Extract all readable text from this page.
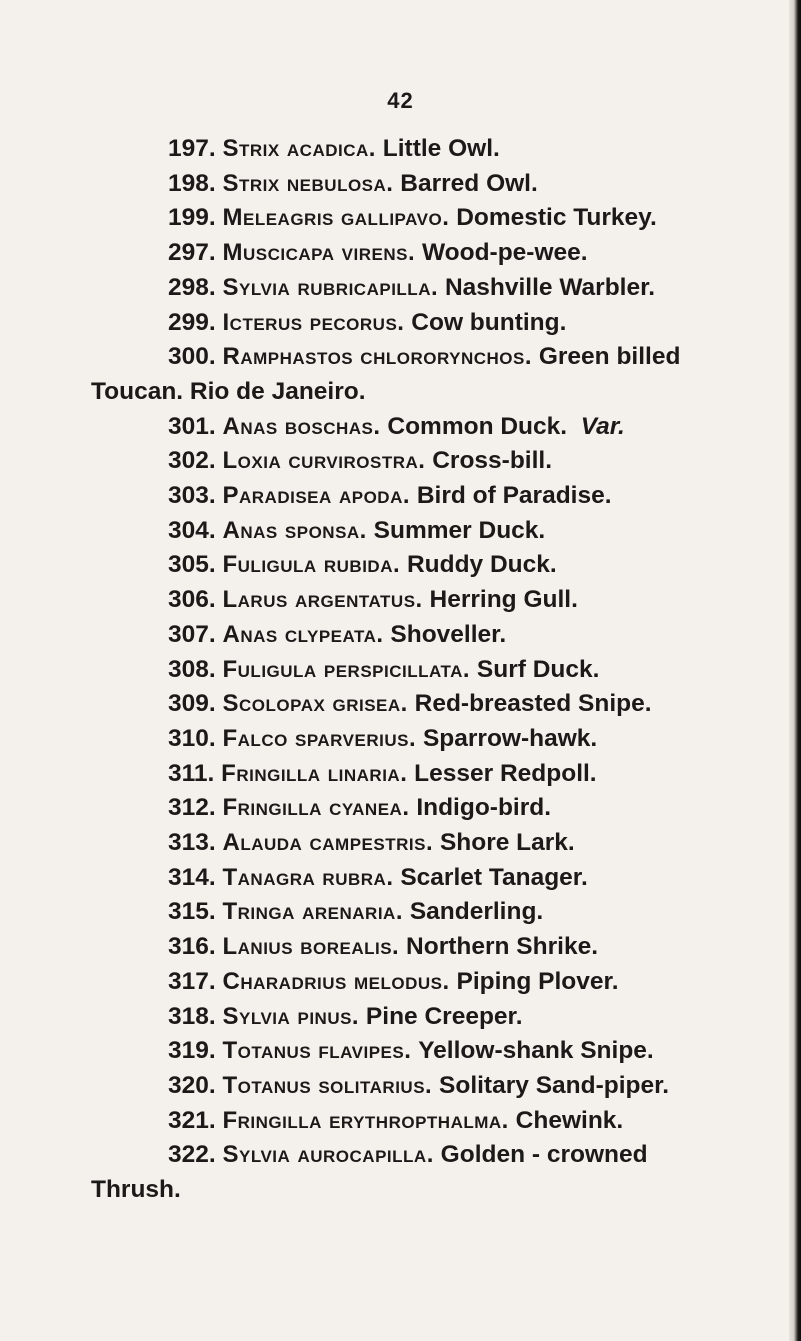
42
197. Strix acadica. Little Owl.
198. Strix nebulosa. Barred Owl.
199. Meleagris gallipavo. Domestic Turkey.
297. Muscicapa virens. Wood-pe-wee.
298. Sylvia rubricapilla. Nashville Warbler.
299. Icterus pecorus. Cow bunting.
300. Ramphastos chlororynchos. Green billed
Toucan. Rio de Janeiro.
301. Anas boschas. Common Duck. Var.
302. Loxia curvirostra. Cross-bill.
303. Paradisea apoda. Bird of Paradise.
304. Anas sponsa. Summer Duck.
305. Fuligula rubida. Ruddy Duck.
306. Larus argentatus. Herring Gull.
307. Anas clypeata. Shoveller.
308. Fuligula perspicillata. Surf Duck.
309. Scolopax grisea. Red-breasted Snipe.
310. Falco sparverius. Sparrow-hawk.
311. Fringilla linaria. Lesser Redpoll.
312. Fringilla cyanea. Indigo-bird.
313. Alauda campestris. Shore Lark.
314. Tanagra rubra. Scarlet Tanager.
315. Tringa arenaria. Sanderling.
316. Lanius borealis. Northern Shrike.
317. Charadrius melodus. Piping Plover.
318. Sylvia pinus. Pine Creeper.
319. Totanus flavipes. Yellow-shank Snipe.
320. Totanus solitarius. Solitary Sand-piper.
321. Fringilla erythropthalma. Chewink.
322. Sylvia aurocapilla. Golden - crowned
Thrush.
